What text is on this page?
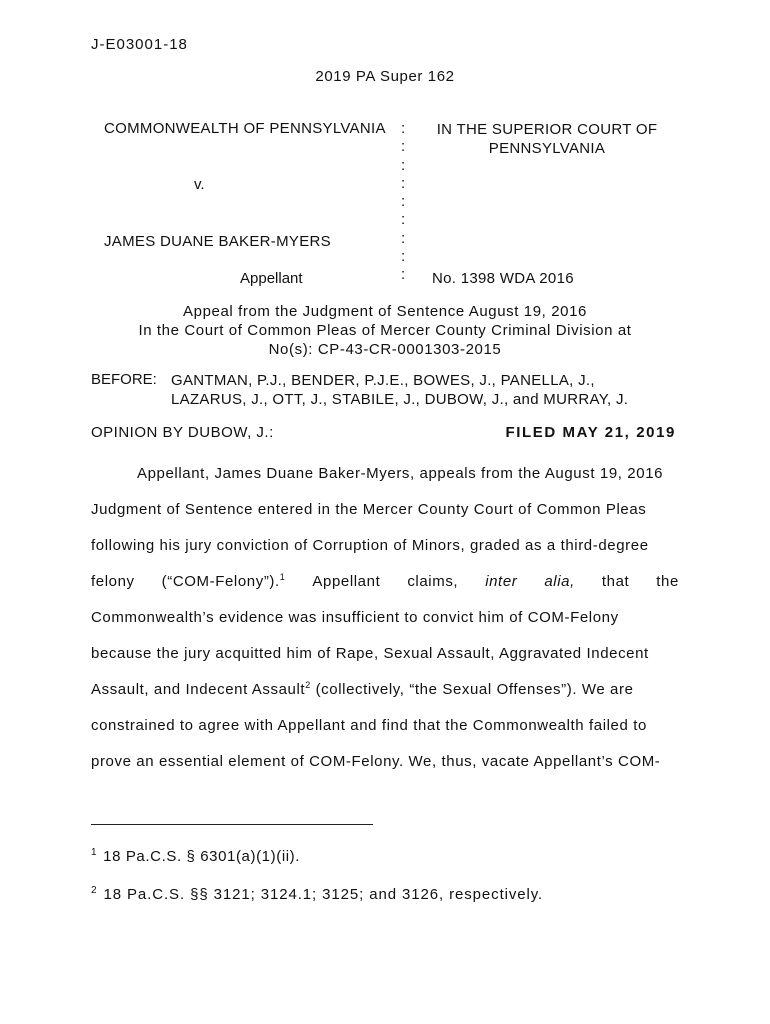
J-E03001-18
2019 PA Super 162
COMMONWEALTH OF PENNSYLVANIA
v.
JAMES DUANE BAKER-MYERS
Appellant
:
:
:
:
:
:
:
:
:
IN THE SUPERIOR COURT OF PENNSYLVANIA
No. 1398 WDA 2016
Appeal from the Judgment of Sentence August 19, 2016
In the Court of Common Pleas of Mercer County Criminal Division at
No(s): CP-43-CR-0001303-2015
BEFORE: GANTMAN, P.J., BENDER, P.J.E., BOWES, J., PANELLA, J.,
LAZARUS, J., OTT, J., STABILE, J., DUBOW, J., and MURRAY, J.
OPINION BY DUBOW, J.:	FILED MAY 21, 2019
Appellant, James Duane Baker-Myers, appeals from the August 19, 2016
Judgment of Sentence entered in the Mercer County Court of Common Pleas
following his jury conviction of Corruption of Minors, graded as a third-degree
felony (“COM-Felony”).$^1$ Appellant claims, inter alia, that the
Commonwealth’s evidence was insufficient to convict him of COM-Felony
because the jury acquitted him of Rape, Sexual Assault, Aggravated Indecent
Assault, and Indecent Assault$^2$ (collectively, “the Sexual Offenses”). We are
constrained to agree with Appellant and find that the Commonwealth failed to
prove an essential element of COM-Felony. We, thus, vacate Appellant’s COM-
$^1$ 18 Pa.C.S. § 6301(a)(1)(ii).
$^2$ 18 Pa.C.S. §§ 3121; 3124.1; 3125; and 3126, respectively.
